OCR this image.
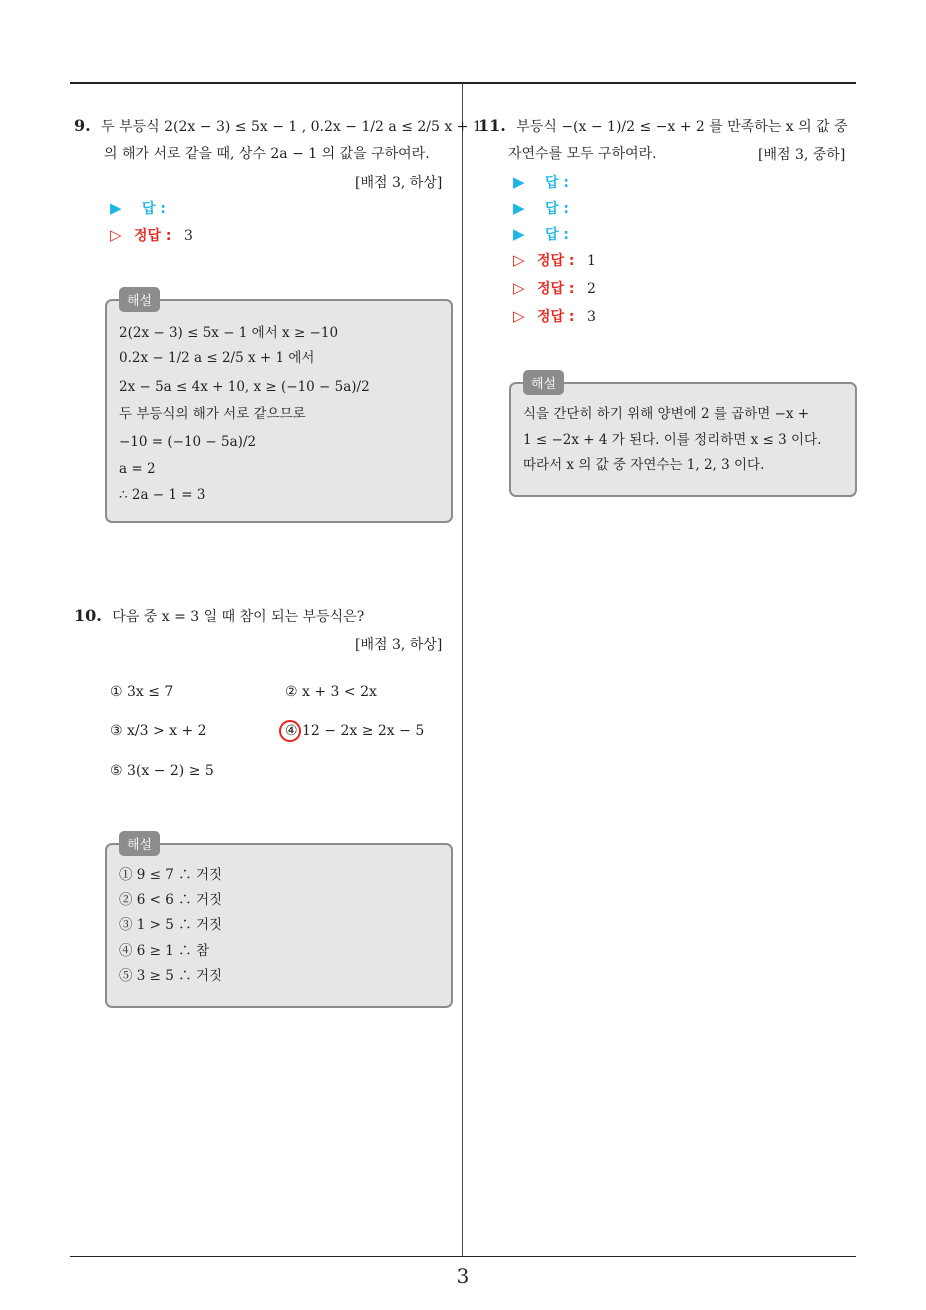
9. 두 부등식 2(2x − 3) ≤ 5x − 1 , 0.2x − 1/2 a ≤ 2/5 x + 1
의 해가 서로 같을 때, 상수 2a − 1 의 값을 구하여라.
[배점 3, 하상]
▶ 답 :
▷ 정답 : 3
해설
2(2x − 3) ≤ 5x − 1 에서 x ≥ −10
0.2x − 1/2 a ≤ 2/5 x + 1 에서
2x − 5a ≤ 4x + 10, x ≥ (−10 − 5a)/2
두 부등식의 해가 서로 같으므로
−10 = (−10 − 5a)/2
a = 2
∴ 2a − 1 = 3
10. 다음 중 x = 3 일 때 참이 되는 부등식은?
[배점 3, 하상]
① 3x ≤ 7	② x + 3 < 2x
③ x/3 > x + 2	④ 12 − 2x ≥ 2x − 5
⑤ 3(x − 2) ≥ 5
해설
① 9 ≤ 7 ∴ 거짓
② 6 < 6 ∴ 거짓
③ 1 > 5 ∴ 거짓
④ 6 ≥ 1 ∴ 참
⑤ 3 ≥ 5 ∴ 거짓
11. 부등식 −(x − 1)/2 ≤ −x + 2 를 만족하는 x 의 값 중
자연수를 모두 구하여라.	[배점 3, 중하]
▶ 답 :
▶ 답 :
▶ 답 :
▷ 정답 : 1
▷ 정답 : 2
▷ 정답 : 3
해설
식을 간단히 하기 위해 양변에 2 를 곱하면 −x +
1 ≤ −2x + 4 가 된다. 이를 정리하면 x ≤ 3 이다.
따라서 x 의 값 중 자연수는 1, 2, 3 이다.
3
